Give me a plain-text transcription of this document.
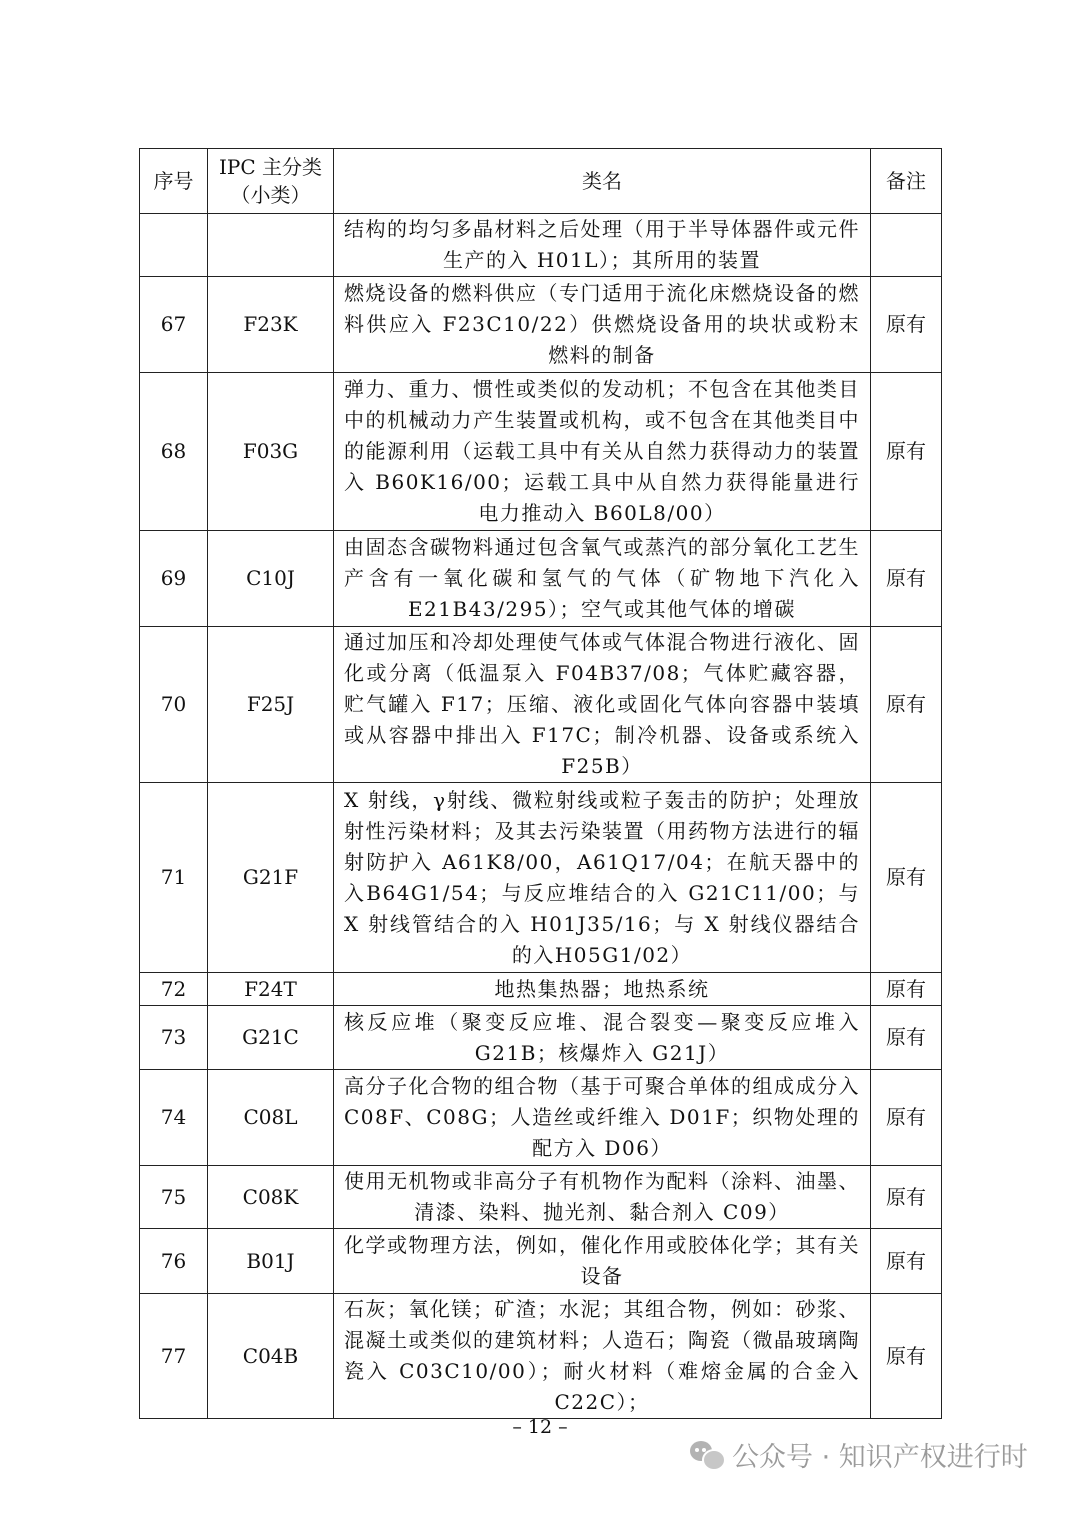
序号	IPC 主分类（小类）	类名	备注
		结构的均匀多晶材料之后处理（用于半导体器件或元件生产的入 H01L）；其所用的装置	
67	F23K	燃烧设备的燃料供应（专门适用于流化床燃烧设备的燃料供应入 F23C10/22）供燃烧设备用的块状或粉末燃料的制备	原有
68	F03G	弹力、重力、惯性或类似的发动机；不包含在其他类目中的机械动力产生装置或机构，或不包含在其他类目中的能源利用（运载工具中有关从自然力获得动力的装置入 B60K16/00；运载工具中从自然力获得能量进行电力推动入 B60L8/00）	原有
69	C10J	由固态含碳物料通过包含氧气或蒸汽的部分氧化工艺生产含有一氧化碳和氢气的气体（矿物地下汽化入E21B43/295）；空气或其他气体的增碳	原有
70	F25J	通过加压和冷却处理使气体或气体混合物进行液化、固化或分离（低温泵入 F04B37/08；气体贮藏容器，贮气罐入 F17；压缩、液化或固化气体向容器中装填或从容器中排出入 F17C；制冷机器、设备或系统入 F25B）	原有
71	G21F	X 射线，γ射线、微粒射线或粒子轰击的防护；处理放射性污染材料；及其去污染装置（用药物方法进行的辐射防护入 A61K8/00，A61Q17/04；在航天器中的入B64G1/54；与反应堆结合的入 G21C11/00；与 X 射线管结合的入 H01J35/16；与 X 射线仪器结合的入H05G1/02）	原有
72	F24T	地热集热器；地热系统	原有
73	G21C	核反应堆（聚变反应堆、混合裂变—聚变反应堆入G21B；核爆炸入 G21J）	原有
74	C08L	高分子化合物的组合物（基于可聚合单体的组成成分入 C08F、C08G；人造丝或纤维入 D01F；织物处理的配方入 D06）	原有
75	C08K	使用无机物或非高分子有机物作为配料（涂料、油墨、清漆、染料、抛光剂、黏合剂入 C09）	原有
76	B01J	化学或物理方法，例如，催化作用或胶体化学；其有关设备	原有
77	C04B	石灰；氧化镁；矿渣；水泥；其组合物，例如：砂浆、混凝土或类似的建筑材料；人造石；陶瓷（微晶玻璃陶瓷入 C03C10/00）；耐火材料（难熔金属的合金入 C22C）；	原有
– 12 –
公众号 · 知识产权进行时
